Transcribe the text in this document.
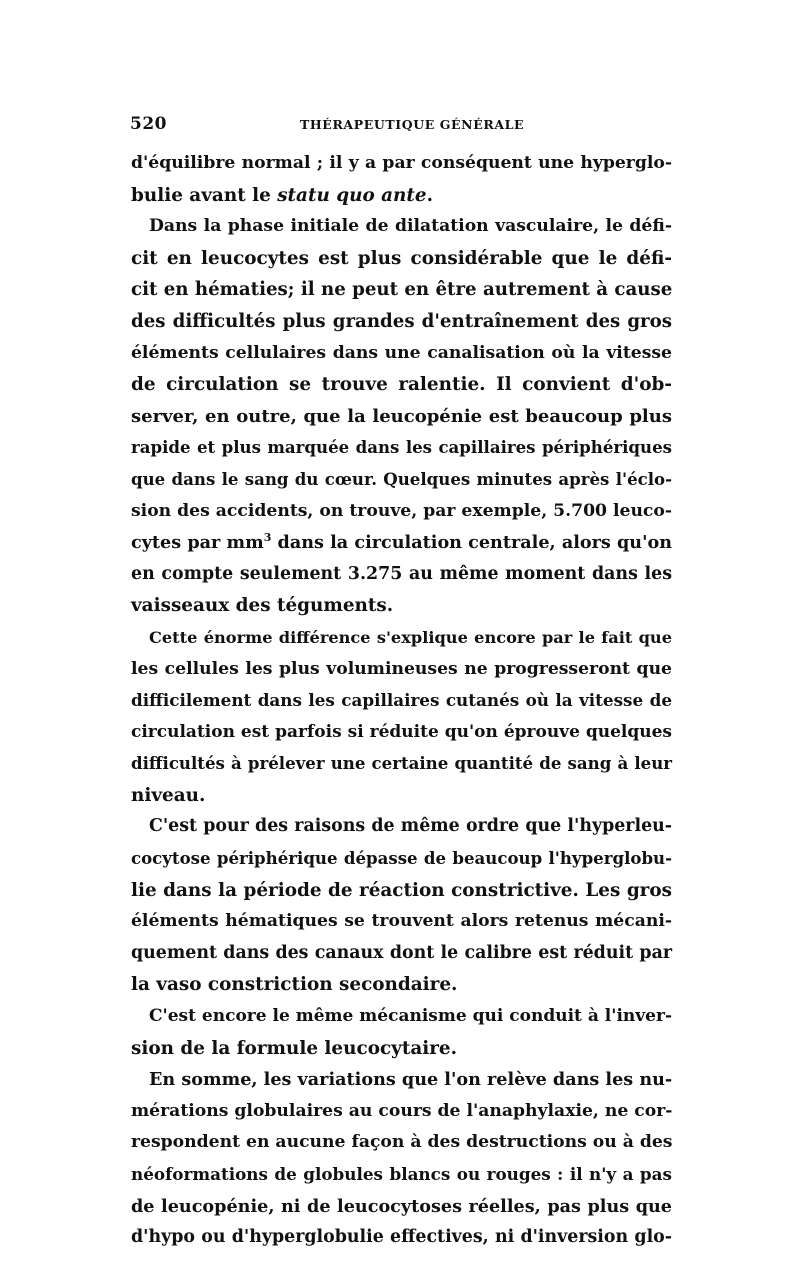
520	THÉRAPEUTIQUE GÉNÉRALE
d'équilibre normal ; il y a par conséquent une hyperglo-
bulie avant le statu quo ante.
Dans la phase initiale de dilatation vasculaire, le défi-
cit en leucocytes est plus considérable que le défi-
cit en hématies; il ne peut en être autrement à cause
des difficultés plus grandes d'entraînement des gros
éléments cellulaires dans une canalisation où la vitesse
de circulation se trouve ralentie. Il convient d'ob-
server, en outre, que la leucopénie est beaucoup plus
rapide et plus marquée dans les capillaires périphériques
que dans le sang du cœur. Quelques minutes après l'éclo-
sion des accidents, on trouve, par exemple, 5.700 leuco-
cytes par $mm^3$ dans la circulation centrale, alors qu'on
en compte seulement 3.275 au même moment dans les
vaisseaux des téguments.
Cette énorme différence s'explique encore par le fait que
les cellules les plus volumineuses ne progresseront que
difficilement dans les capillaires cutanés où la vitesse de
circulation est parfois si réduite qu'on éprouve quelques
difficultés à prélever une certaine quantité de sang à leur
niveau.
C'est pour des raisons de même ordre que l'hyperleu-
cocytose périphérique dépasse de beaucoup l'hyperglobu-
lie dans la période de réaction constrictive. Les gros
éléments hématiques se trouvent alors retenus mécani-
quement dans des canaux dont le calibre est réduit par
la vaso constriction secondaire.
C'est encore le même mécanisme qui conduit à l'inver-
sion de la formule leucocytaire.
En somme, les variations que l'on relève dans les nu-
mérations globulaires au cours de l'anaphylaxie, ne cor-
respondent en aucune façon à des destructions ou à des
néoformations de globules blancs ou rouges : il n'y a pas
de leucopénie, ni de leucocytoses réelles, pas plus que
d'hypo ou d'hyperglobulie effectives, ni d'inversion glo-
